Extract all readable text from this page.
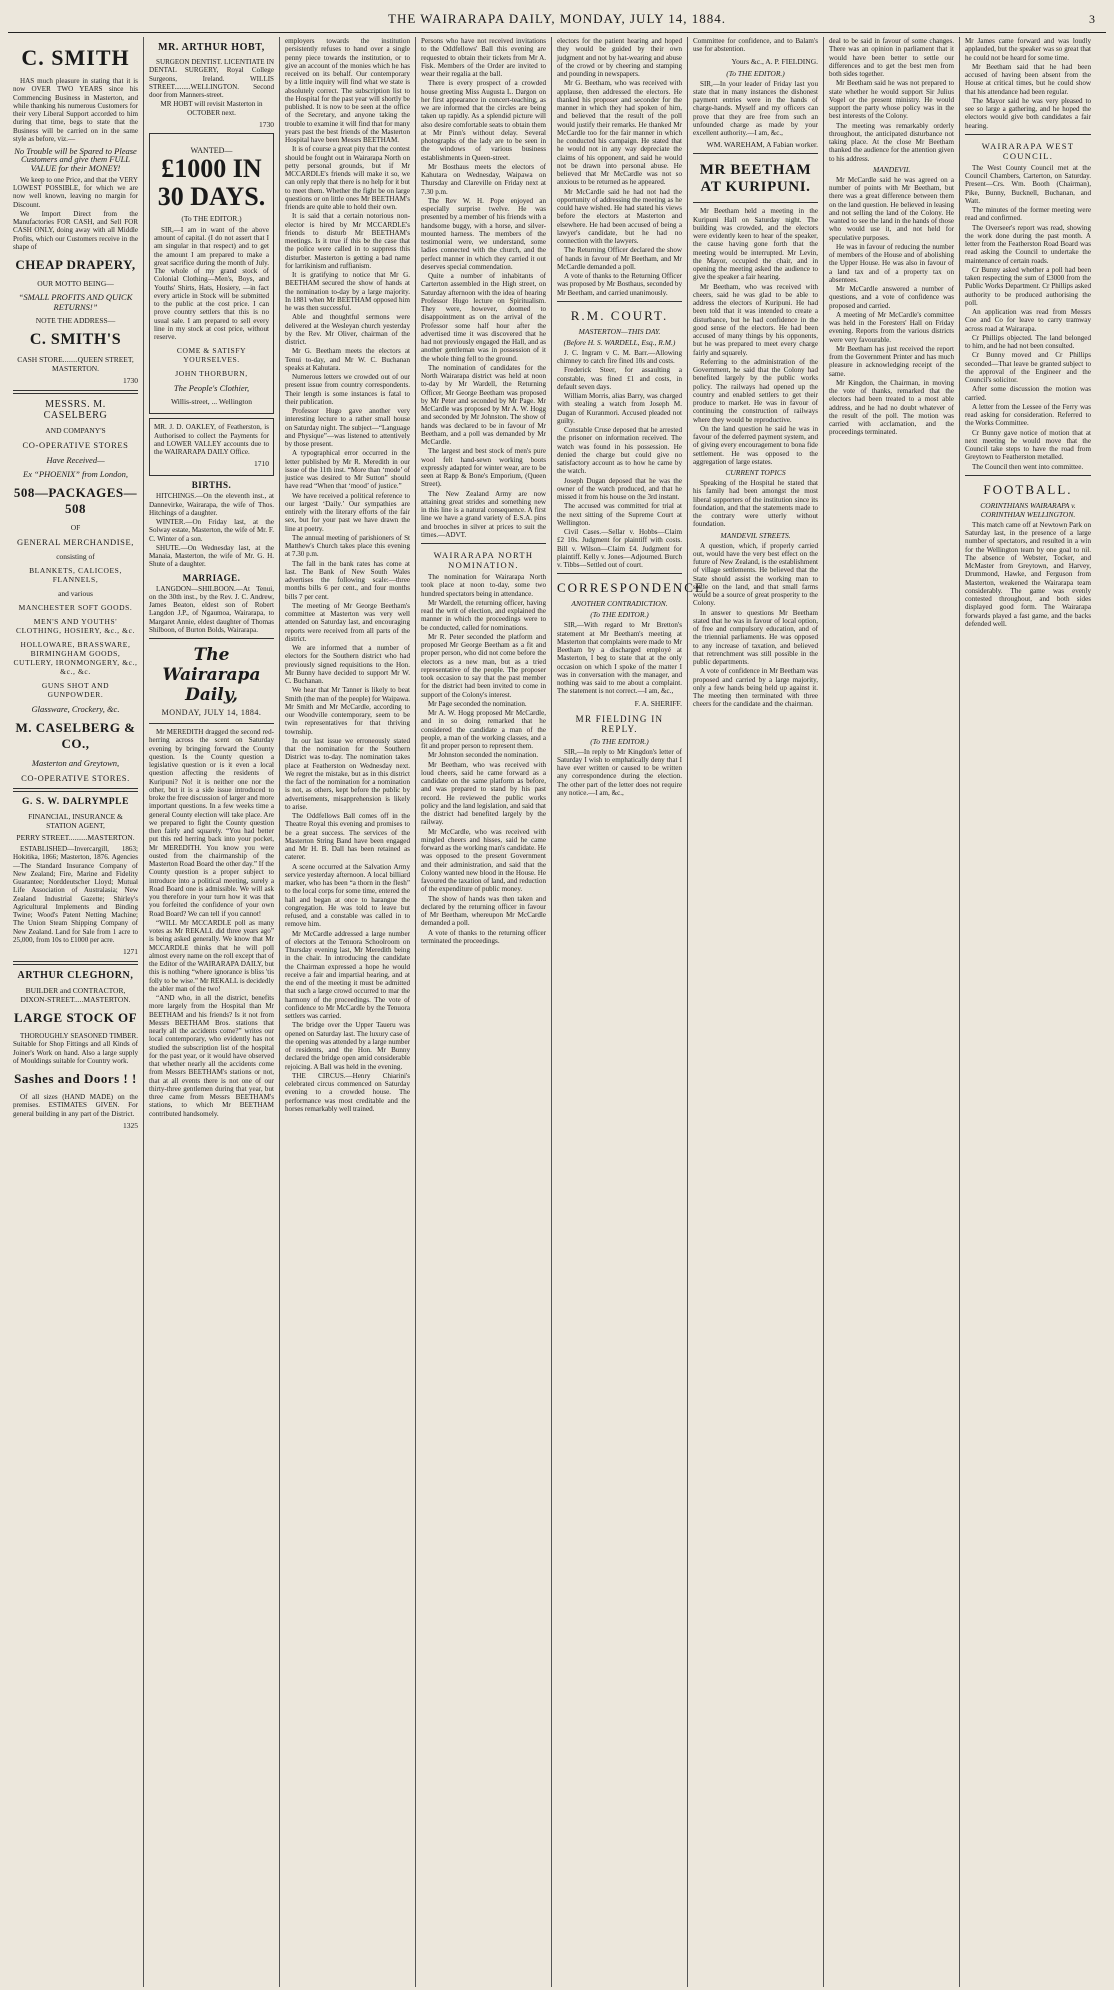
THE WAIRARAPA DAILY, MONDAY, JULY 14, 1884.	3
C. SMITH

HAS much pleasure in stating that it is now OVER TWO YEARS since his Commencing Business in Masterton, and while thanking his numerous Customers for their very Liberal Support accorded to him during that time, begs to state that the Business will be carried on in the same style as before, viz.—

No Trouble will be Spared to Please Customers and give them FULL VALUE for their MONEY!

We keep to one Price, and that the VERY LOWEST POSSIBLE, for which we are now well known, leaving no margin for Discount.

We Import Direct from the Manufactories FOR CASH, and Sell FOR CASH ONLY, doing away with all Middle Profits, which our Customers receive in the shape of

CHEAP DRAPERY,
OUR MOTTO BEING—
“SMALL PROFITS AND QUICK RETURNS!”
NOTE THE ADDRESS—
C. SMITH'S
CASH STORE........QUEEN STREET, MASTERTON.
1730
MESSRS. M. CASELBERG
AND COMPANY'S
CO-OPERATIVE STORES
Have Received—
Ex “PHOENIX” from London,
508—PACKAGES—508
OF
GENERAL MERCHANDISE,
consisting of
BLANKETS, CALICOES, FLANNELS,
and various
MANCHESTER SOFT GOODS.
MEN'S AND YOUTHS' CLOTHING, HOSIERY, &c., &c.
HOLLOWARE, BRASSWARE, BIRMINGHAM GOODS, CUTLERY, IRONMONGERY, &c., &c., &c.
GUNS SHOT AND GUNPOWDER.
Glassware, Crockery, &c.
M. CASELBERG & CO.,
Masterton and Greytown,
CO-OPERATIVE STORES.
G. S. W. DALRYMPLE
FINANCIAL, INSURANCE & STATION AGENT,
PERRY STREET..........MASTERTON.

ESTABLISHED—Invercargill, 1863; Hokitika, 1866; Masterton, 1876. Agencies—The Standard Insurance Company of New Zealand; Fire, Marine and Fidelity Guarantee; Norddeutscher Lloyd; Mutual Life Association of Australasia; New Zealand Industrial Gazette; Shirley's Agricultural Implements and Binding Twine; Wood's Patent Netting Machine; The Union Steam Shipping Company of New Zealand. Land for Sale from 1 acre to 25,000, from 10s to £1000 per acre.

1271
ARTHUR CLEGHORN,
BUILDER and CONTRACTOR, DIXON-STREET.....MASTERTON.
LARGE STOCK OF

THOROUGHLY SEASONED TIMBER. Suitable for Shop Fittings and all Kinds of Joiner's Work on hand. Also a large supply of Mouldings suitable for Country work.

Sashes and Doors ! !

Of all sizes (HAND MADE) on the premises. ESTIMATES GIVEN. For general building in any part of the District.

1325
MR. ARTHUR HOBT,

SURGEON DENTIST. LICENTIATE IN DENTAL SURGERY, Royal College Surgeons, Ireland. WILLIS STREET.........WELLINGTON. Second door from Manners-street.

MR HOBT will revisit Masterton in OCTOBER next.

1730
WANTED—
£1000 IN 30 DAYS.
(To THE EDITOR.)

SIR,—I am in want of the above amount of capital. (I do not assert that I am singular in that respect) and to get the amount I am prepared to make a great sacrifice during the month of July. The whole of my grand stock of Colonial Clothing—Men's, Boys, and Youths' Shirts, Hats, Hosiery, —in fact every article in Stock will be submitted to the public at the cost price. I can prove country settlers that this is no usual sale. I am prepared to sell every line in my stock at cost price, without reserve.

COME & SATISFY YOURSELVES.
JOHN THORBURN,
The People's Clothier,
Willis-street, ... Wellington

MR. J. D. OAKLEY, of Featherston, is Authorised to collect the Payments for and LOWER VALLEY accounts due to the WAIRARAPA DAILY Office.

1710
BIRTHS.

HITCHINGS.—On the eleventh inst., at Dannevirke, Wairarapa, the wife of Thos. Hitchings of a daughter.

WINTER.—On Friday last, at the Solway estate, Masterton, the wife of Mr. F. C. Winter of a son.

SHUTE.—On Wednesday last, at the Manaia, Masterton, the wife of Mr. G. H. Shute of a daughter.

MARRIAGE.

LANGDON—SHILBOON.—At Tenui, on the 30th inst., by the Rev. J. C. Andrew, James Beaton, eldest son of Robert Langdon J.P., of Ngaumoa, Wairarapa, to Margaret Annie, eldest daughter of Thomas Shilboon, of Burton Bolds, Wairarapa.

The Wairarapa Daily,
MONDAY, JULY 14, 1884.

Mr MEREDITH dragged the second red-herring across the scent on Saturday evening by bringing forward the County question. Is the County question a legislative question or is it even a local question affecting the residents of Kuripuni? No! it is neither one nor the other, but it is a side issue introduced to broke the free discussion of larger and more important questions. In a few weeks time a general County election will take place. Are we prepared to fight the County question then fairly and squarely. “You had better put this red herring back into your pocket, Mr MEREDITH. You know you were ousted from the chairmanship of the Masterton Road Board the other day.” If the County question is a proper subject to introduce into a political meeting, surely a Road Board one is admissible. We will ask you therefore in your turn how it was that you forfeited the confidence of your own Road Board? We can tell if you cannot!

“WILL Mr MCCARDLE poll as many votes as Mr REKALL did three years ago” is being asked generally. We know that Mr MCCARDLE thinks that he will poll almost every name on the roll except that of the Editor of the WAIRARAPA DAILY, but this is nothing “where ignorance is bliss 'tis folly to be wise.” Mr REKALL is decidedly the abler man of the two!

“AND who, in all the district, benefits more largely from the Hospital than Mr BEETHAM and his friends? Is it not from Messrs BEETHAM Bros. stations that nearly all the accidents come?” writes our local contemporary, who evidently has not studied the subscription list of the hospital for the past year, or it would have observed that whether nearly all the accidents come from Messrs BEETHAM's stations or not, that at all events there is not one of our thirty-three gentlemen during that year, but three came from Messrs BEETHAM's stations, to which Mr BEETHAM contributed handsomely.

employers towards the institution persistently refuses to hand over a single penny piece towards the institution, or to give an account of the monies which he has received on its behalf. Our contemporary by a little inquiry will find what we state is absolutely correct. The subscription list to the Hospital for the past year will shortly be published. It is now to be seen at the office of the Secretary, and anyone taking the trouble to examine it will find that for many years past the best friends of the Masterton Hospital have been Messrs BEETHAM.

It is of course a great pity that the contest should be fought out in Wairarapa North on petty personal grounds, but if Mr MCCARDLE's friends will make it so, we can only reply that there is no help for it but to meet them. Whether the fight be on large questions or on little ones Mr BEETHAM's friends are quite able to hold their own.

It is said that a certain notorious non-elector is hired by Mr MCCARDLE's friends to disturb Mr BEETHAM's meetings. Is it true if this be the case that the police were called in to suppress this disturber. Masterton is getting a bad name for larrikinism and ruffianism.

It is gratifying to notice that Mr G. BEETHAM secured the show of hands at the nomination to-day by a large majority. In 1881 when Mr BEETHAM opposed him he was then successful.

Able and thoughtful sermons were delivered at the Wesleyan church yesterday by the Rev. Mr Oliver, chairman of the district.

Mr G. Beetham meets the electors at Tenui to-day, and Mr W. C. Buchanan speaks at Kahutara.

Numerous letters we crowded out of our present issue from country correspondents. Their length is some instances is fatal to their publication.

Professor Hugo gave another very interesting lecture to a rather small house on Saturday night. The subject—“Language and Physique”—was listened to attentively by those present.

A typographical error occurred in the letter published by Mr R. Meredith in our issue of the 11th inst. “More than ‘mode’ of justice was desired to Mr Sutton” should have read “When that ‘mood’ of justice.”

We have received a political reference to our largest ‘Daily.’ Our sympathies are entirely with the literary efforts of the fair sex, but for your past we have drawn the line at poetry.

The annual meeting of parishioners of St Matthew's Church takes place this evening at 7.30 p.m.

The fall in the bank rates has come at last. The Bank of New South Wales advertises the following scale:—three months bills 6 per cent., and four months bills 7 per cent.

The meeting of Mr George Beetham's committee at Masterton was very well attended on Saturday last, and encouraging reports were received from all parts of the district.

We are informed that a number of electors for the Southern district who had previously signed requisitions to the Hon. Mr Bunny have decided to support Mr W. C. Buchanan.

We hear that Mr Tanner is likely to beat Smith (the man of the people) for Waipawa. Mr Smith and Mr McCardle, according to our Woodville contemporary, seem to be twin representatives for that thriving township.

In our last issue we erroneously stated that the nomination for the Southern District was to-day. The nomination takes place at Featherston on Wednesday next. We regret the mistake, but as in this district the fact of the nomination for a nomination is not, as others, kept before the public by advertisements, misapprehension is likely to arise.

The Oddfellows Ball comes off in the Theatre Royal this evening and promises to be a great success. The services of the Masterton String Band have been engaged and Mr H. B. Dall has been retained as caterer.

A scene occurred at the Salvation Army service yesterday afternoon. A local billiard marker, who has been “a thorn in the flesh” to the local corps for some time, entered the hall and began at once to harangue the congregation. He was told to leave but refused, and a constable was called in to remove him.

Mr McCardle addressed a large number of electors at the Tenuora Schoolroom on Thursday evening last, Mr Meredith being in the chair. In introducing the candidate the Chairman expressed a hope he would receive a fair and impartial hearing, and at the end of the meeting it must be admitted that such a large crowd occurred to mar the harmony of the proceedings. The vote of confidence to Mr McCardle by the Tenuora settlers was carried.

The bridge over the Upper Taueru was opened on Saturday last. The luxury case of the opening was attended by a large number of residents, and the Hon. Mr Bunny declared the bridge open amid considerable rejoicing. A Ball was held in the evening.

THE CIRCUS.—Henry Chiarini's celebrated circus commenced on Saturday evening to a crowded house. The performance was most creditable and the horses remarkably well trained.

Persons who have not received invitations to the Oddfellows' Ball this evening are requested to obtain their tickets from Mr A. Fisk. Members of the Order are invited to wear their regalia at the ball.

There is every prospect of a crowded house greeting Miss Augusta L. Dargon on her first appearance in concert-teaching, as we are informed that the circles are being taken up rapidly. As a splendid picture will also desire comfortable seats to obtain them at Mr Pinn's without delay. Several photographs of the lady are to be seen in the windows of various business establishments in Queen-street.

Mr Bosthaus meets the electors of Kahutara on Wednesday, Waipawa on Thursday and Clareville on Friday next at 7.30 p.m.

The Rev W. H. Pope enjoyed an especially surprise twelve. He was presented by a member of his friends with a handsome buggy, with a horse, and silver-mounted harness. The members of the testimonial were, we understand, some ladies connected with the church, and the perfect manner in which they carried it out deserves special commendation.

Quite a number of inhabitants of Carterton assembled in the High street, on Saturday afternoon with the idea of hearing Professor Hugo lecture on Spiritualism. They were, however, doomed to disappointment as on the arrival of the Professor some half hour after the advertised time it was discovered that he had not previously engaged the Hall, and as another gentleman was in possession of it the whole thing fell to the ground.

The nomination of candidates for the North Wairarapa district was held at noon to-day by Mr Wardell, the Returning Officer, Mr George Beetham was proposed by Mr Peter and seconded by Mr Page. Mr McCardle was proposed by Mr A. W. Hogg and seconded by Mr Johnston. The show of hands was declared to be in favour of Mr Beetham, and a poll was demanded by Mr McCardle.

The largest and best stock of men's pure wool felt hand-sewn working boots expressly adapted for winter wear, are to be seen at Rapp & Bone's Emporium, (Queen Street).

The New Zealand Army are now attaining great strides and something new in this line is a natural consequence. A first line we have a grand variety of E.S.A. pins and brooches in silver at prices to suit the times.—ADVT.

WAIRARAPA NORTH NOMINATION.

The nomination for Wairarapa North took place at noon to-day, some two hundred spectators being in attendance.

Mr Wardell, the returning officer, having read the writ of election, and explained the manner in which the proceedings were to be conducted, called for nominations.

Mr R. Peter seconded the platform and proposed Mr George Beetham as a fit and proper person, who did not come before the electors as a new man, but as a tried representative of the people. The proposer took occasion to say that the past member for the district had been invited to come in support of the Colony's interest.

Mr Page seconded the nomination.

Mr A. W. Hogg proposed Mr McCardle, and in so doing remarked that he considered the candidate a man of the people, a man of the working classes, and a fit and proper person to represent them.

Mr Johnston seconded the nomination.

Mr Beetham, who was received with loud cheers, said he came forward as a candidate on the same platform as before, and was prepared to stand by his past record. He reviewed the public works policy and the land legislation, and said that the district had benefited largely by the railway.

Mr McCardle, who was received with mingled cheers and hisses, said he came forward as the working man's candidate. He was opposed to the present Government and their administration, and said that the Colony wanted new blood in the House. He favoured the taxation of land, and reduction of the expenditure of public money.

The show of hands was then taken and declared by the returning officer in favour of Mr Beetham, whereupon Mr McCardle demanded a poll.

A vote of thanks to the returning officer terminated the proceedings.

electors for the patient hearing and hoped they would be guided by their own judgment and not by hat-wearing and abuse of the crowd or by cheering and stamping and pounding in newspapers.

Mr G. Beetham, who was received with applause, then addressed the electors. He thanked his proposer and seconder for the manner in which they had spoken of him, and believed that the result of the poll would justify their remarks. He thanked Mr McCardle too for the fair manner in which he conducted his campaign. He stated that he would not in any way depreciate the claims of his opponent, and said he would not be drawn into personal abuse. He believed that Mr McCardle was not so anxious to be returned as he appeared.

Mr McCardle said he had not had the opportunity of addressing the meeting as he could have wished. He had stated his views before the electors at Masterton and elsewhere. He had been accused of being a lawyer's candidate, but he had no connection with the lawyers.

The Returning Officer declared the show of hands in favour of Mr Beetham, and Mr McCardle demanded a poll.

A vote of thanks to the Returning Officer was proposed by Mr Bosthaus, seconded by Mr Beetham, and carried unanimously.

R.M. COURT.
MASTERTON—THIS DAY.
(Before H. S. WARDELL, Esq., R.M.)

J. C. Ingram v C. M. Barr.—Allowing chimney to catch fire fined 10s and costs.

Frederick Steer, for assaulting a constable, was fined £1 and costs, in default seven days.

William Morris, alias Barry, was charged with stealing a watch from Joseph M. Dugan of Kuranmori. Accused pleaded not guilty.

Constable Cruse deposed that he arrested the prisoner on information received. The watch was found in his possession. He denied the charge but could give no satisfactory account as to how he came by the watch.

Joseph Dugan deposed that he was the owner of the watch produced, and that he missed it from his house on the 3rd instant.

The accused was committed for trial at the next sitting of the Supreme Court at Wellington.

Civil Cases.—Sellar v. Hobbs—Claim £2 10s. Judgment for plaintiff with costs. Bill v. Wilson—Claim £4. Judgment for plaintiff. Kelly v. Jones—Adjourned. Burch v. Tibbs—Settled out of court.

CORRESPONDENCE.
ANOTHER CONTRADICTION.
(To THE EDITOR.)

SIR,—With regard to Mr Bretton's statement at Mr Beetham's meeting at Masterton that complaints were made to Mr Beetham by a discharged employé at Masterton, I beg to state that at the only occasion on which I spoke of the matter I was in conversation with the manager, and nothing was said to me about a complaint. The statement is not correct.—I am, &c.,

F. A. SHERIFF.
MR FIELDING IN REPLY.
(To THE EDITOR.)

SIR,—In reply to Mr Kingdon's letter of Saturday I wish to emphatically deny that I have ever written or caused to be written any correspondence during the election. The other part of the letter does not require any notice.—I am, &c.,

Committee for confidence, and to Balam's use for abstention.

Yours &c., A. P. FIELDING.
(To THE EDITOR.)

SIR,—In your leader of Friday last you state that in many instances the dishonest payment entries were in the hands of charge-hands. Myself and my officers can prove that they are free from such an unfounded charge as made by your excellent authority.—I am, &c.,

WM. WAREHAM, A Fabian worker.
MR BEETHAM AT KURIPUNI.

Mr Beetham held a meeting in the Kuripuni Hall on Saturday night. The building was crowded, and the electors were evidently keen to hear of the speaker, the cause having gone forth that the meeting would be interrupted. Mr Levin, the Mayor, occupied the chair, and in opening the meeting asked the audience to give the speaker a fair hearing.

Mr Beetham, who was received with cheers, said he was glad to be able to address the electors of Kuripuni. He had been told that it was intended to create a disturbance, but he had confidence in the good sense of the electors. He had been accused of many things by his opponents, but he was prepared to meet every charge fairly and squarely.

Referring to the administration of the Government, he said that the Colony had benefited largely by the public works policy. The railways had opened up the country and enabled settlers to get their produce to market. He was in favour of continuing the construction of railways where they would be reproductive.

On the land question he said he was in favour of the deferred payment system, and of giving every encouragement to bona fide settlement. He was opposed to the aggregation of large estates.

CURRENT TOPICS

Speaking of the Hospital he stated that his family had been amongst the most liberal supporters of the institution since its foundation, and that the statements made to the contrary were utterly without foundation.

MANDEVIL STREETS.

A question, which, if properly carried out, would have the very best effect on the future of New Zealand, is the establishment of village settlements. He believed that the State should assist the working man to settle on the land, and that small farms would be a source of great prosperity to the Colony.

In answer to questions Mr Beetham stated that he was in favour of local option, of free and compulsory education, and of the triennial parliaments. He was opposed to any increase of taxation, and believed that retrenchment was still possible in the public departments.

A vote of confidence in Mr Beetham was proposed and carried by a large majority, only a few hands being held up against it. The meeting then terminated with three cheers for the candidate and the chairman.

deal to be said in favour of some changes. There was an opinion in parliament that it would have been better to settle our differences and to get the best men from both sides together.

Mr Beetham said he was not prepared to state whether he would support Sir Julius Vogel or the present ministry. He would support the party whose policy was in the best interests of the Colony.

The meeting was remarkably orderly throughout, the anticipated disturbance not taking place. At the close Mr Beetham thanked the audience for the attention given to his address.

MANDEVIL

Mr McCardle said he was agreed on a number of points with Mr Beetham, but there was a great difference between them on the land question. He believed in leasing and not selling the land of the Colony. He wanted to see the land in the hands of those who would use it, and not held for speculative purposes.

He was in favour of reducing the number of members of the House and of abolishing the Upper House. He was also in favour of a land tax and of a property tax on absentees.

Mr McCardle answered a number of questions, and a vote of confidence was proposed and carried.

A meeting of Mr McCardle's committee was held in the Foresters' Hall on Friday evening. Reports from the various districts were very favourable.

Mr Beetham has just received the report from the Government Printer and has much pleasure in acknowledging receipt of the same.

Mr Kingdon, the Chairman, in moving the vote of thanks, remarked that the electors had been treated to a most able address, and he had no doubt whatever of the result of the poll. The motion was carried with acclamation, and the proceedings terminated.

Mr James came forward and was loudly applauded, but the speaker was so great that he could not be heard for some time.

Mr Beetham said that he had been accused of having been absent from the House at critical times, but he could show that his attendance had been regular.

The Mayor said he was very pleased to see so large a gathering, and he hoped the electors would give both candidates a fair hearing.

WAIRARAPA WEST COUNCIL.

The West County Council met at the Council Chambers, Carterton, on Saturday. Present—Crs. Wm. Booth (Chairman), Pike, Bunny, Bucknell, Buchanan, and Watt.

The minutes of the former meeting were read and confirmed.

The Overseer's report was read, showing the work done during the past month. A letter from the Featherston Road Board was read asking the Council to undertake the maintenance of certain roads.

Cr Bunny asked whether a poll had been taken respecting the sum of £3000 from the Public Works Department. Cr Phillips asked authority to be produced authorising the poll.

An application was read from Messrs Coe and Co for leave to carry tramway across road at Wairarapa.

Cr Phillips objected. The land belonged to him, and he had not been consulted.

Cr Bunny moved and Cr Phillips seconded—That leave be granted subject to the approval of the Engineer and the Council's solicitor.

After some discussion the motion was carried.

A letter from the Lessee of the Ferry was read asking for consideration. Referred to the Works Committee.

Cr Bunny gave notice of motion that at next meeting he would move that the Council take steps to have the road from Greytown to Featherston metalled.

The Council then went into committee.

FOOTBALL.
CORINTHIANS WAIRARAPA v. CORINTHIAN WELLINGTON.

This match came off at Newtown Park on Saturday last, in the presence of a large number of spectators, and resulted in a win for the Wellington team by one goal to nil. The absence of Webster, Tocker, and McMaster from Greytown, and Harvey, Drummond, Hawke, and Ferguson from Masterton, weakened the Wairarapa team considerably. The game was evenly contested throughout, and both sides displayed good form. The Wairarapa forwards played a fast game, and the backs defended well.
